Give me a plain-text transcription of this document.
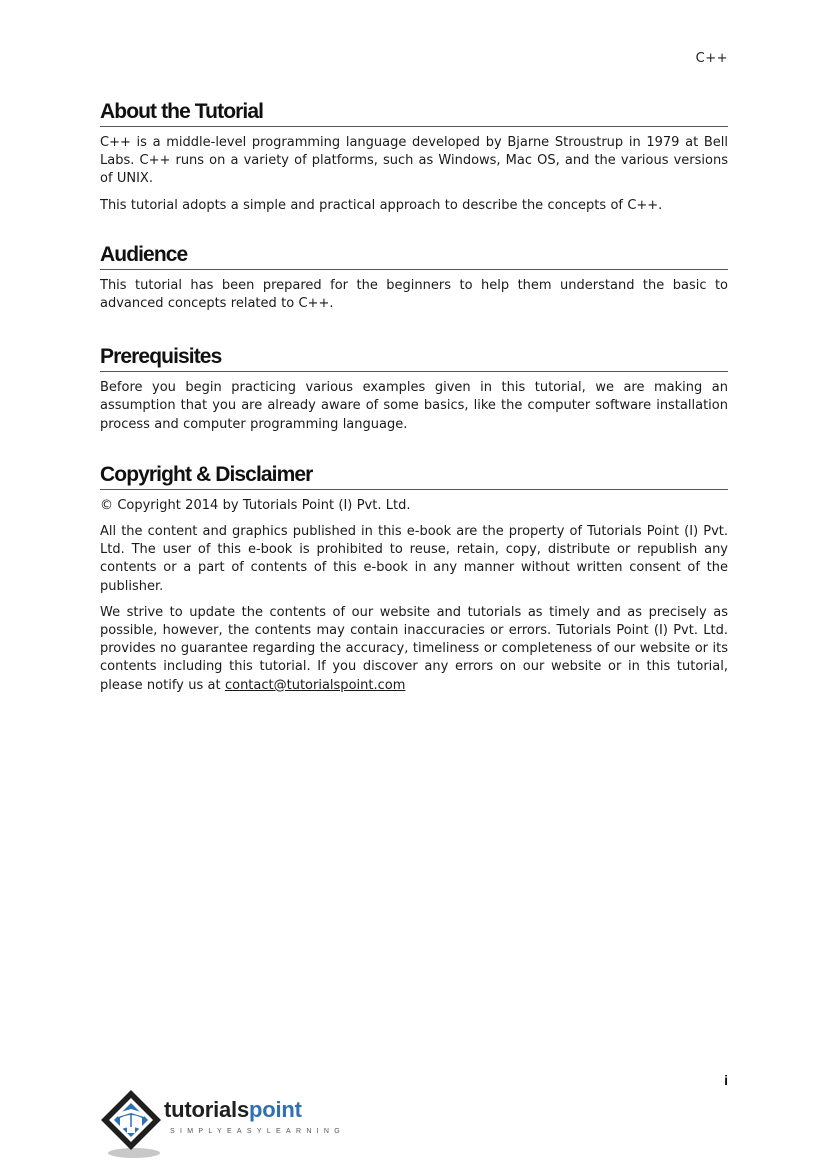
C++
About the Tutorial

C++ is a middle-level programming language developed by Bjarne Stroustrup in 1979 at Bell Labs. C++ runs on a variety of platforms, such as Windows, Mac OS, and the various versions of UNIX.

This tutorial adopts a simple and practical approach to describe the concepts of C++.

Audience

This tutorial has been prepared for the beginners to help them understand the basic to advanced concepts related to C++.

Prerequisites

Before you begin practicing various examples given in this tutorial, we are making an assumption that you are already aware of some basics, like the computer software installation process and computer programming language.

Copyright & Disclaimer

© Copyright 2014 by Tutorials Point (I) Pvt. Ltd.

All the content and graphics published in this e-book are the property of Tutorials Point (I) Pvt. Ltd. The user of this e-book is prohibited to reuse, retain, copy, distribute or republish any contents or a part of contents of this e-book in any manner without written consent of the publisher.

We strive to update the contents of our website and tutorials as timely and as precisely as possible, however, the contents may contain inaccuracies or errors. Tutorials Point (I) Pvt. Ltd. provides no guarantee regarding the accuracy, timeliness or completeness of our website or its contents including this tutorial. If you discover any errors on our website or in this tutorial, please notify us at contact@tutorialspoint.com

i
tutorialspoint
SIMPLYEASYLEARNING
